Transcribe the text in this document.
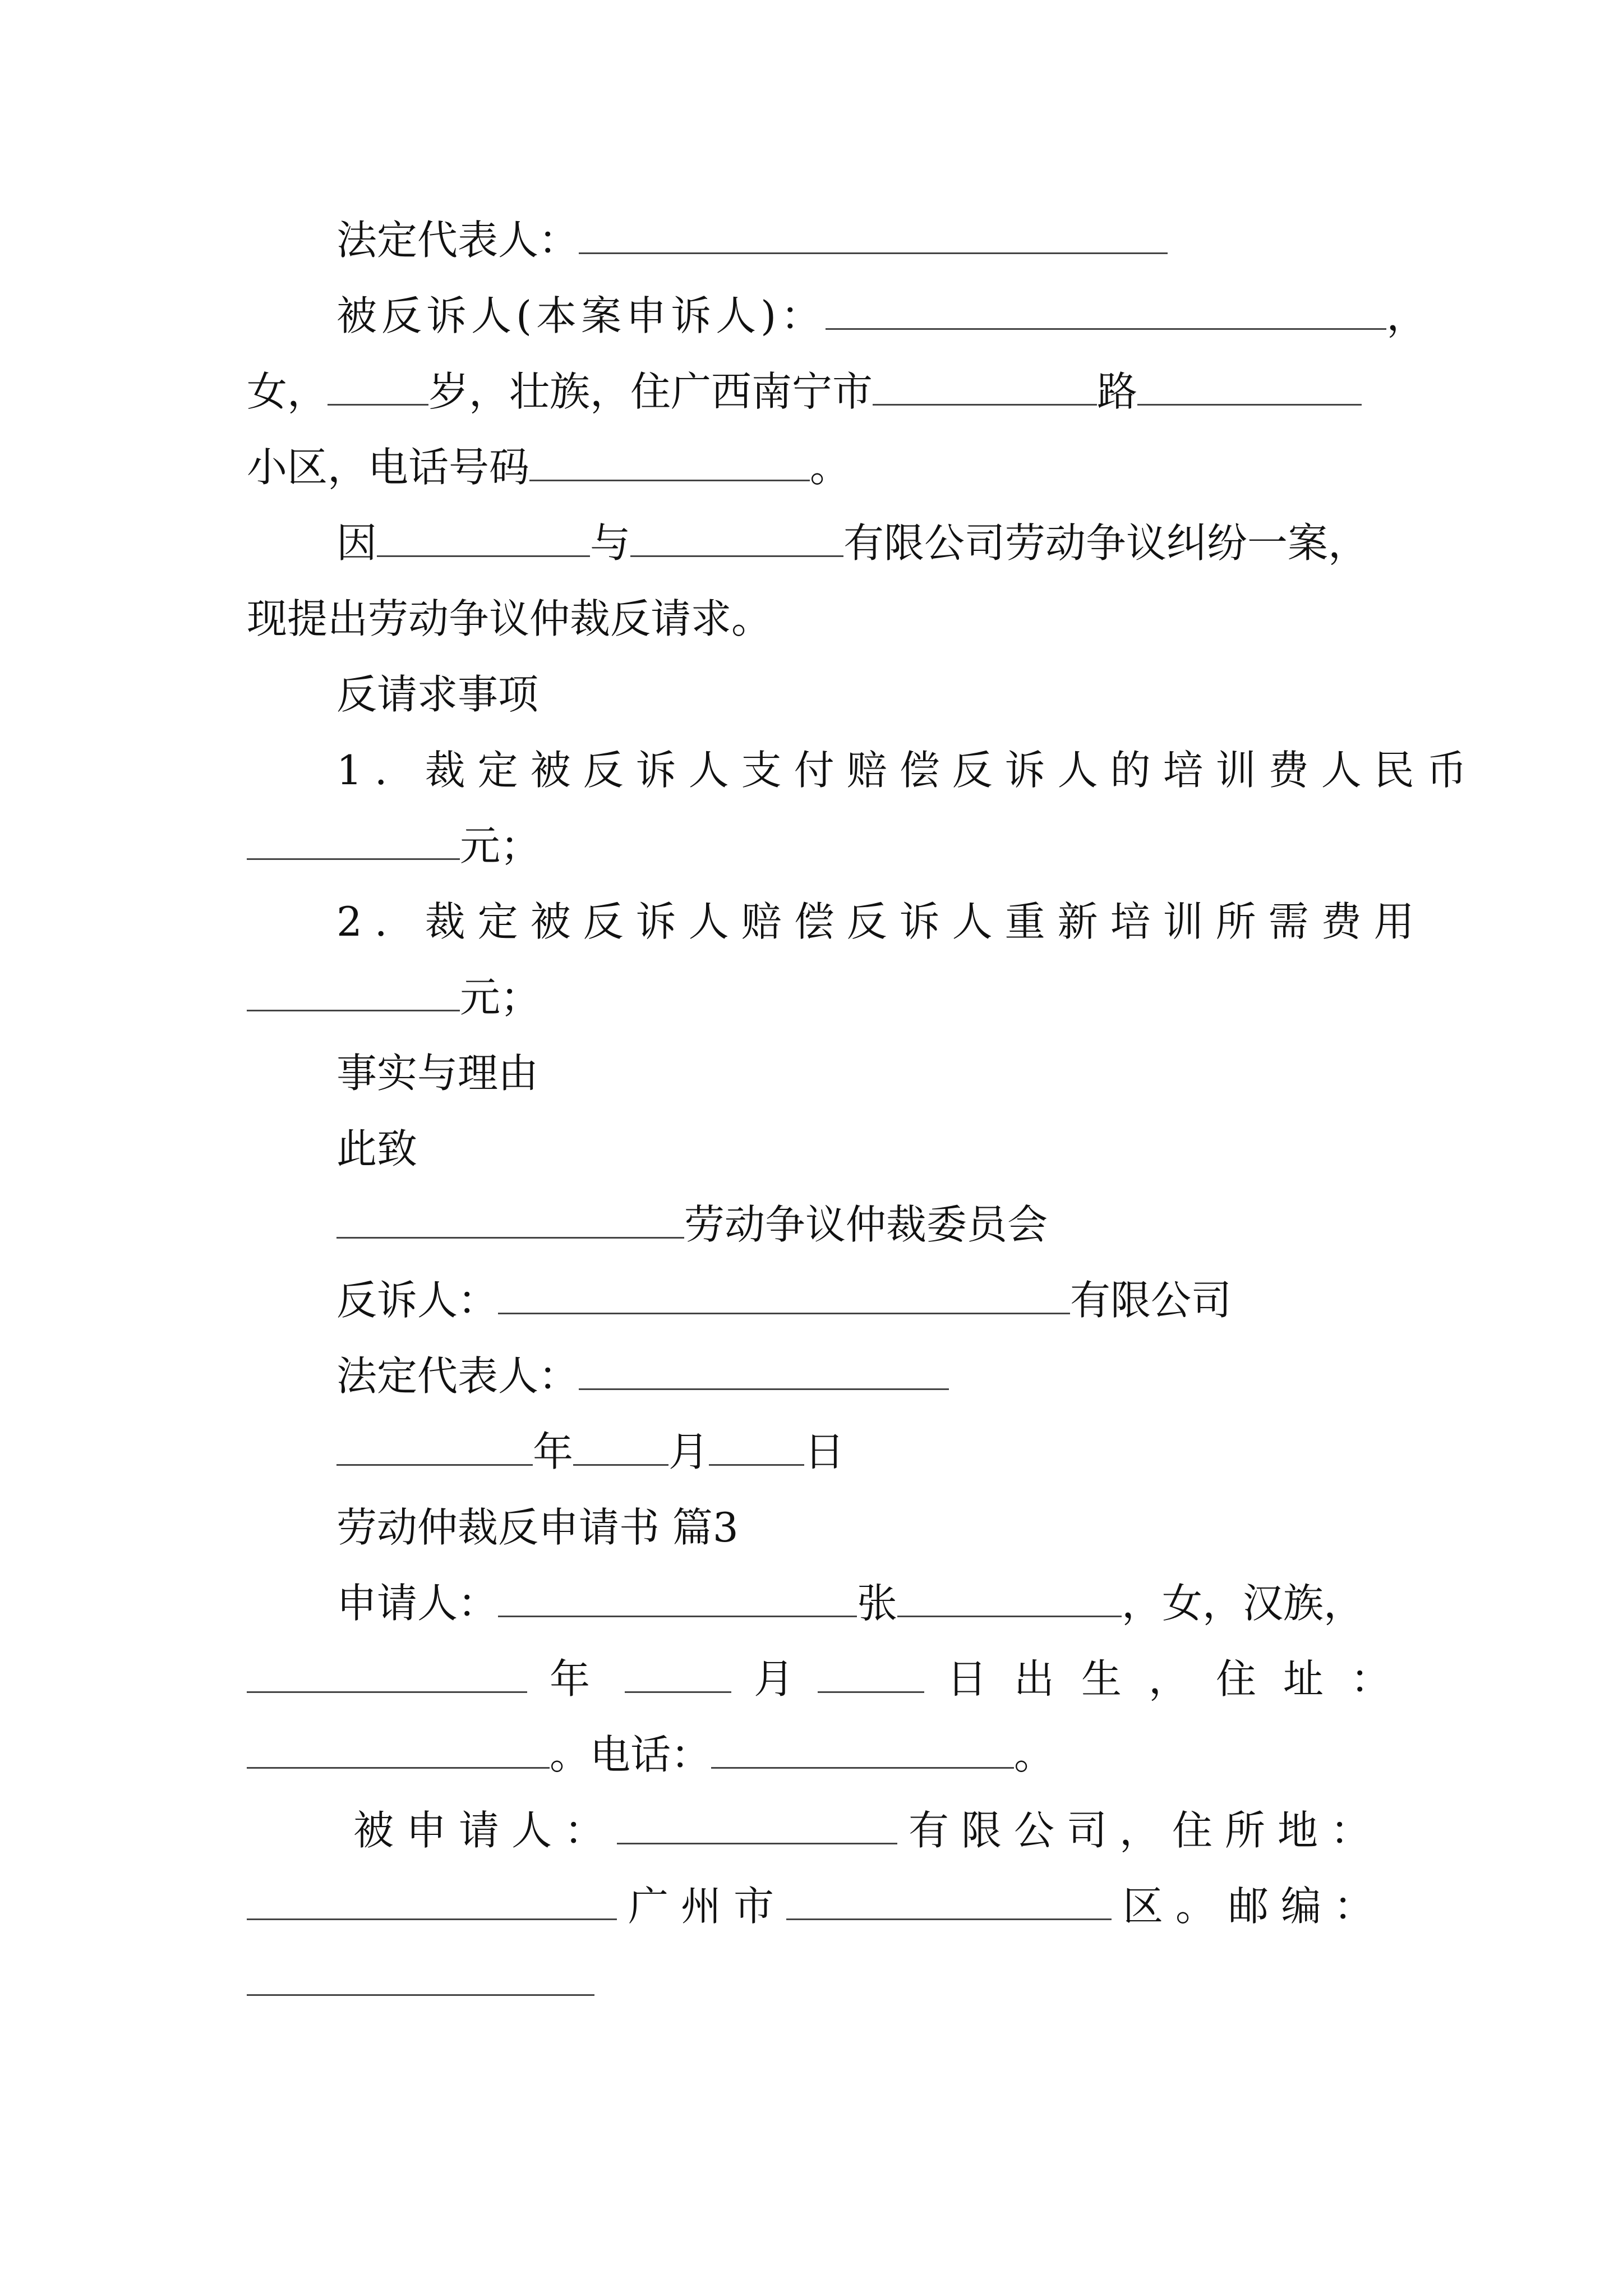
法定代表人：
被反诉人(本案申诉人)：	，
女，	岁，壮族，住广西南宁市	路
小区，电话号码	。
因	与	有限公司劳动争议纠纷一案，
现提出劳动争议仲裁反请求。
反请求事项
1. 裁定被反诉人支付赔偿反诉人的培训费人民币
元；
2. 裁定被反诉人赔偿反诉人重新培训所需费用
元；
事实与理由
此致
劳动争议仲裁委员会
反诉人：	有限公司
法定代表人：
年 月 日
劳动仲裁反申请书 篇3
申请人：	张	，女，汉族，
年	月	日出生，住址：
。电话：	。
被申请人：	有限公司，住所地：
广州市	区。邮编：
